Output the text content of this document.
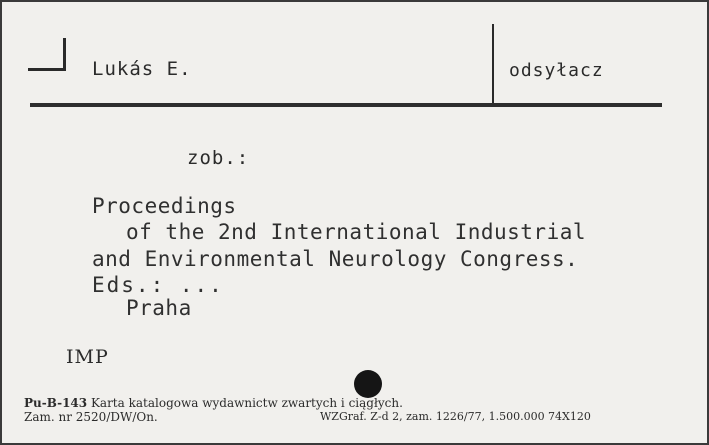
Lukás E.	odsyłacz
zob.:
Proceedings
of the 2nd International Industrial
and Environmental Neurology Congress.
Eds.: ...
Praha
IMP
Pu-B-143 Karta katalogowa wydawnictw zwartych i ciągłych.
Zam. nr 2520/DW/On.	WZGraf. Z-d 2, zam. 1226/77, 1.500.000 74X120
